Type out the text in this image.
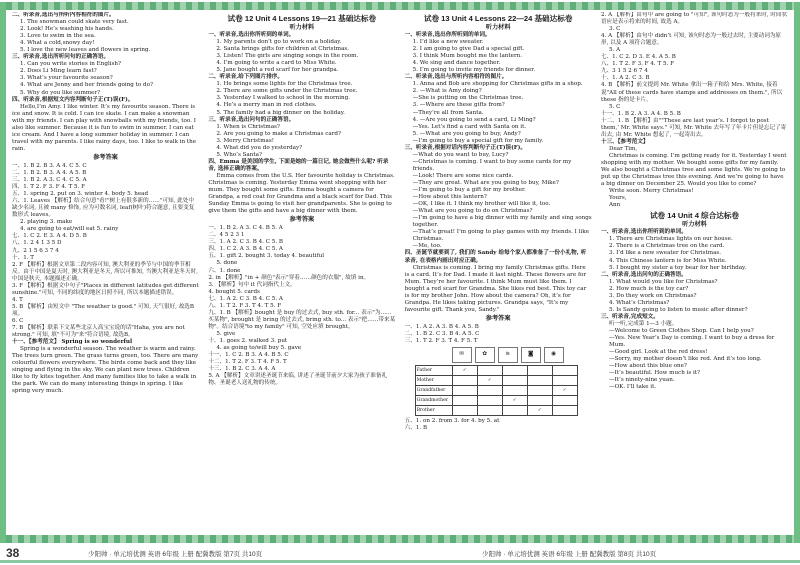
二、听录音,选出与所听内容相符的图片。
1. The snowman could skate very fast.
2. Look! He’s washing his hands.
3. Love to swim in the sea.
4. What a cold,snowy day!
5. I love the new leaves and flowers in spring.
三、听录音,选出所听问句的正确答语。
1. Can you write stories in English?
2. Does Li Ming learn fast?
3. What’s your favourite season?
4. What are Jenny and her friends going to do?
5. Why do you like summer?
四、听录音,根据短文内容判断句子正(T)误(F)。
Hello,I’m Amy. I like winter. It’s my favourite season. There is ice and snow. It is cold. I can ice skate. I can make a snowman with my friends. I can play with snowballs with my friends, too. I also like summer. Because it is fun to swim in summer. I can eat ice cream. And I have a long summer holiday in summer. I can travel with my parents. I like rainy days, too. I like to walk in the rain.
参考答案
一、1. B 2. B 3. A 4. C 5. C
二、1. B 2. B 3. A 4. A 5. B
三、1. B 2. A 3. C 4. C 5. A
四、1. T 2. F 3. F 4. T 5. F
五、1. spring 2. put on 3. winter 4. body 5. head
六、1. Leaves 【解析】结合句意"看!"树上有很多新的……"可知, 此处中缺少名词, 且被 many 修饰, 应为可数名词, leaf(树叶)符合题意, 且要变复数形式 leaves。
2. playing 3. make
4. are going to eat/will eat 5. rainy
七、1. C 2. E 3. A 4. D 5. B
八、1. 2 4 1 3 5 D
九、2 1 5 6 3 7 4
十、1. T
2. F 【解析】根据文章第二段内容可知, 澳大利亚的季节与中国的季节相反。由于中国是夏天时, 澳大利亚是冬天, 所以可推知, 当澳大利亚是冬天时, 中国是秋天, 本题描述正确。
3. F 【解析】根据文中句子"Places in different latitudes get different sunshine."可知, 不同的纬度的地区日照不同, 所以本题描述错误。
4. T
5. B 【解析】由短文中 "The weather is good." 可知, 天气很好, 故选B项。
6. C
7. B 【解析】联系下文某些北京人高宝宝说的话"Haha, you are not strong." 可知, 填"不可为"来"符合语境, 故选B。
十一、【参考范文】 Spring is so wonderful
Spring is a wonderful season. The weather is warm and rainy. The trees turn green. The grass turns green, too. There are many colourful flowers everywhere. The birds come back and they like singing and flying in the sky. We can plant new trees. Children like to fly kites together. And many families like to take a walk in the park. We can do many interesting things in spring. I like spring very much.
试卷 12 Unit 4 Lessons 19—21 基础达标卷
听力材料
一、听录音,选出你所听到的单词。
1. My parents don’t go to work on a holiday.
2. Santa brings gifts for children at Christmas.
3. Listen! The girls are singing songs in the room.
4. I’m going to write a card to Miss White.
5. Jane bought a red scarf for her grandpa.
二、听录音,给下列图片排序。
1. He brings some lights for the Christmas tree.
2. There are some gifts under the Christmas tree.
3. Yesterday I walked to school in the morning.
4. He’s a merry man in red clothes.
5. The family had a big dinner on the holiday.
三、听录音,选出问句的正确答语。
1. When is Christmas?
2. Are you going to make a Christmas card?
3. Merry Christmas!
4. What did you do yesterday?
5. Who’s Santa?
四、Emma 是美国的学生, 下面是她的一篇日记, 她会做些什么呢? 听录音, 选择正确的答案。
Emma comes from the U.S. Her favourite holiday is Christmas. Christmas is coming. Yesterday Emma went shopping with her mum. They bought some gifts. Emma bought a camera for Grandpa, a red coat for Grandma and a black scarf for Dad. This Sunday Emma is going to visit her grandparents. She is going to give them the gifts and have a big dinner with them.
参考答案
一、1. B 2. A 3. C 4. B 5. A
二、4 5 2 3 1
三、1. A 2. C 3. B 4. C 5. B
四、1. C 2. A 3. B 4. C 5. A
五、1. gift 2. bought 3. today 4. beautiful
5. done
六、1. done
2. in 【解析】"in + 颜色"表示"穿着……颜色的衣服", 故填 in。
3. 【解析】句中 it 代词指代上文。
4. bought 5. cards
七、1. A 2. C 3. B 4. C 5. A
八、1. T 2. F 3. T 4. T 5. F
九、1. B 【解析】bought 是 buy 的过去式, buy sth. for... 表示"为……买某物", brought 是 bring 的过去式, bring sth. to... 表示"把……带来某物"。结合语境"to my family" 可知, 空处应填 brought。
5. give
十、1. goes 2. walked 3. put
4. as going to/will buy 5. gave
十一、1. C 2. B 3. A 4. B 5. C
十二、1. T 2. F 3. T 4. F 5. T
十三、1. B 2. C 3. A 4. A
5. A 【解析】文章讲述圣诞节来临, 讲述了圣诞节前夕大家为孩子准备礼物、圣诞老人送礼物的传统。
试卷 13 Unit 4 Lessons 22—24 基础达标卷
听力材料
一、听录音,选出你所听到的单词。
1. I’d like a new sweater.
2. I am going to give Dad a special gift.
3. I think Mum bought me the lantern.
4. We sing and dance together.
5. I’m going to invite my friends for dinner.
二、听录音,选出与所听内容相符的图片。
1. Anna and Bob are shopping for Christmas gifts in a shop.
2. —What is Amy doing?
—She is putting on the Christmas tree.
3. —Where are these gifts from?
—They’re all from Santa.
4. —Are you going to send a card, Li Ming?
—Yes. Let’s find a card with Santa on it.
5. —What are you going to buy, Andy?
—I’m going to buy a special gift for my family.
三、听录音,根据对话内容判断句子正(T)误(F)。
—What do you want to buy, Lucy?
—Christmas is coming. I want to buy some cards for my friends.
—Look! There are some nice cards.
—They are great. What are you going to buy, Mike?
—I’m going to buy a gift for my brother.
—How about this lantern?
—OK, I like it. I think my brother will like it, too.
—What are you going to do on Christmas?
—I’m going to have a big dinner with my family and sing songs together.
—That’s great! I’m going to play games with my friends. I like Christmas.
—Me, too.
四、圣诞节就要到了, 我们的 Sandy 给每个家人都准备了一份小礼物, 听录音, 在表格内画出对应正确。
Christmas is coming. I bring my family Christmas gifts. Here is a card. It’s for Dad. I made it last night. These flowers are for Mum. They’re her favourite. I think Mum must like them. I bought a red scarf for Grandma. She likes red best. This toy car is for my brother John. How about the camera? Oh, it’s for Grandpa. He likes taking pictures. Grandpa says, "It’s my favourite gift. Thank you, Sandy."
参考答案
一、1. A 2. A 3. B 4. A 5. B
二、1. B 2. C 3. B 4. A 5. C
三、1. T 2. F 3. T 4. F 5. T
✉	✿	≋	◙	◉
Father	✓				
Mother		✓			
Grandfather					✓
Grandmother			✓		
Brother				✓	
五、1. on 2. from 3. for 4. by 5. at
六、1. B
2. A 【解析】由句中 are going to "可知", 该句时态为一般将来时, 时间状语应是表示将来的时间, 故选 A。
3. C
4. A 【解析】由句中 didn’t 可知, 该句时态为一般过去时, 主要动词为原形, 以及 A 项符合题意。
5. A
七、1. C 2. D 3. E 4. A 5. B
八、1. T 2. F 3. F 4. T 5. F
九、3 1 5 2 6 7 4
十、1. A 2. C 3. B
4. B 【解析】前文提到 Mr. White 拿出一箱子和给 Mrs. White, 接着说"All of these cards have stamps and addresses on them.", 所以 these 指的是卡片。
5. C
十一、1. B 2. A 3. A 4. B 5. B
十二、1. B 【解析】由""These are last year’s. I forgot to post them,’ Mr. White says." 可知, Mr. White 去年写了年卡片但是忘记了寄出去, 由 Mr. White 想起了, 一起寄出去。
十三、【参考范文】
Dear Tim,
Christmas is coming. I’m getting ready for it. Yesterday I went shopping with my mother. We bought some gifts for my family. We also bought a Christmas tree and some lights. We’re going to put up the Christmas tree this evening. And we’re going to have a big dinner on December 25. Would you like to come?
Write soon. Merry Christmas!
Yours,
Ann
试卷 14 Unit 4 综合达标卷
听力材料
一、听录音,选出你所听到的单词。
1. There are Christmas lights on our house.
2. There is a Christmas tree on the card.
3. I’d like a new sweater for Christmas.
4. This Chinese lantern is for Miss White.
5. I bought my sister a toy bear for her birthday.
二、听录音,选出问句的正确答语。
1. What would you like for Christmas?
2. How much is the toy car?
3. Do they work on Christmas?
4. What’s Christmas?
5. Is Sandy going to listen to music after dinner?
三、听录音,完成短文。
听一听,完成第 1—3 小题。
—Welcome to Green Clothes Shop. Can I help you?
—Yes. New Year’s Day is coming. I want to buy a dress for Mum.
—Good girl. Look at the red dress!
—Sorry, my mother doesn’t like red. And it’s too long.
—How about this blue one?
—It’s beautiful. How much is it?
—It’s ninety-nine yuan.
—OK. I’ll take it.
38	少阳帅 · 单元培优测 英语 6年级 上册 配冀教版 第7页 共10页	少阳帅 · 单元培优测 英语 6年级 上册 配冀教版 第8页 共10页
